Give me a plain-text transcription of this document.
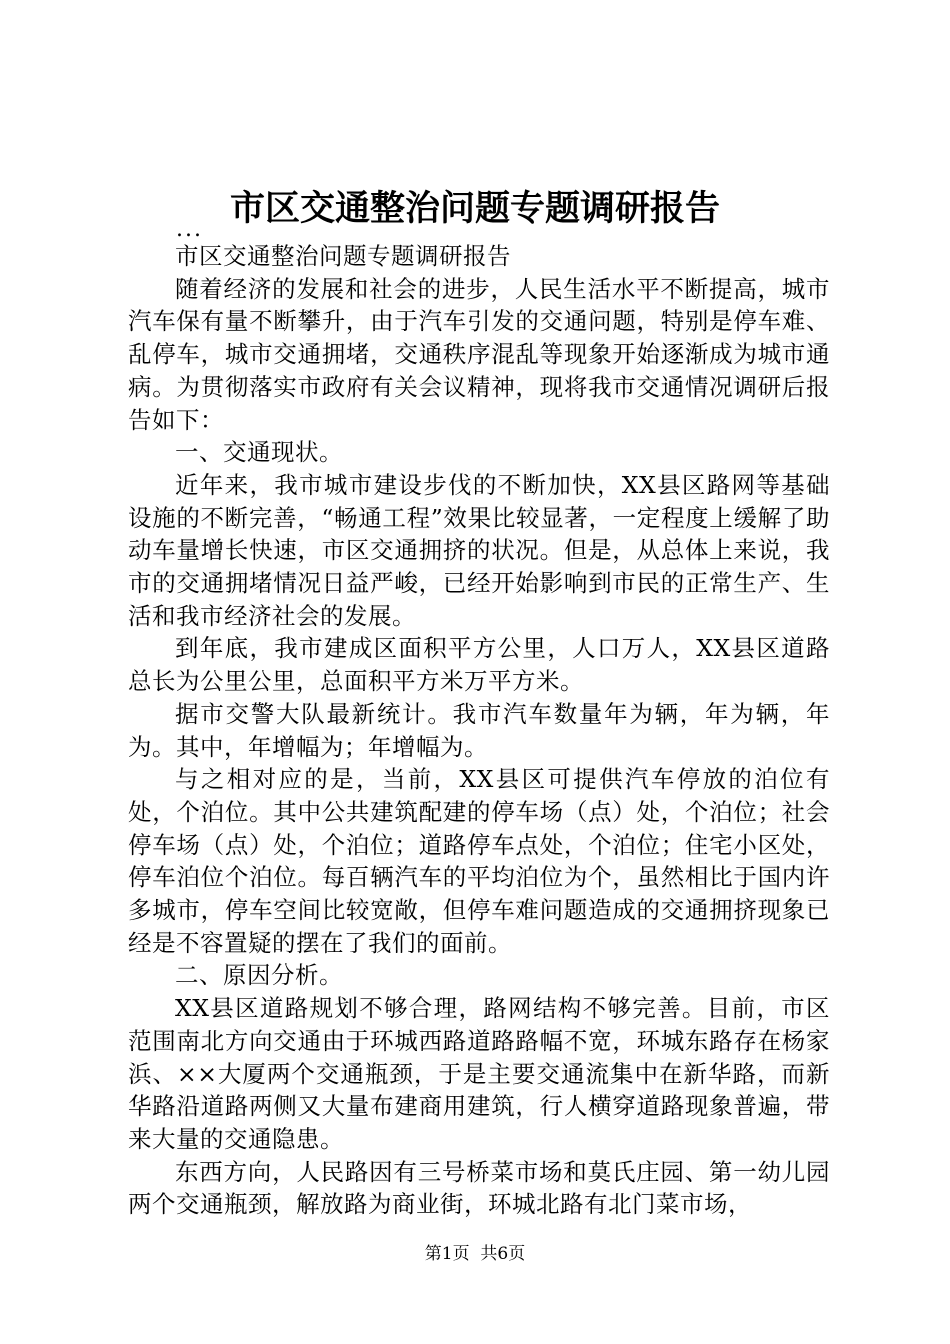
市区交通整治问题专题调研报告
...

市区交通整治问题专题调研报告

随着经济的发展和社会的进步，人民生活水平不断提高，城市汽车保有量不断攀升，由于汽车引发的交通问题，特别是停车难、乱停车，城市交通拥堵，交通秩序混乱等现象开始逐渐成为城市通病。为贯彻落实市政府有关会议精神，现将我市交通情况调研后报告如下：

一、交通现状。

近年来，我市城市建设步伐的不断加快，XX县区路网等基础设施的不断完善，“畅通工程”效果比较显著，一定程度上缓解了助动车量增长快速，市区交通拥挤的状况。但是，从总体上来说，我市的交通拥堵情况日益严峻，已经开始影响到市民的正常生产、生活和我市经济社会的发展。

到年底，我市建成区面积平方公里，人口万人，XX县区道路总长为公里公里，总面积平方米万平方米。

据市交警大队最新统计。我市汽车数量年为辆，年为辆，年为。其中，年增幅为；年增幅为。

与之相对应的是，当前，XX县区可提供汽车停放的泊位有处，个泊位。其中公共建筑配建的停车场（点）处，个泊位；社会停车场（点）处，个泊位；道路停车点处，个泊位；住宅小区处，停车泊位个泊位。每百辆汽车的平均泊位为个，虽然相比于国内许多城市，停车空间比较宽敞，但停车难问题造成的交通拥挤现象已经是不容置疑的摆在了我们的面前。

二、原因分析。

XX县区道路规划不够合理，路网结构不够完善。目前，市区范围南北方向交通由于环城西路道路路幅不宽，环城东路存在杨家浜、××大厦两个交通瓶颈，于是主要交通流集中在新华路，而新华路沿道路两侧又大量布建商用建筑，行人横穿道路现象普遍，带来大量的交通隐患。

东西方向，人民路因有三号桥菜市场和莫氏庄园、第一幼儿园两个交通瓶颈，解放路为商业街，环城北路有北门菜市场，

第1页  共6页
